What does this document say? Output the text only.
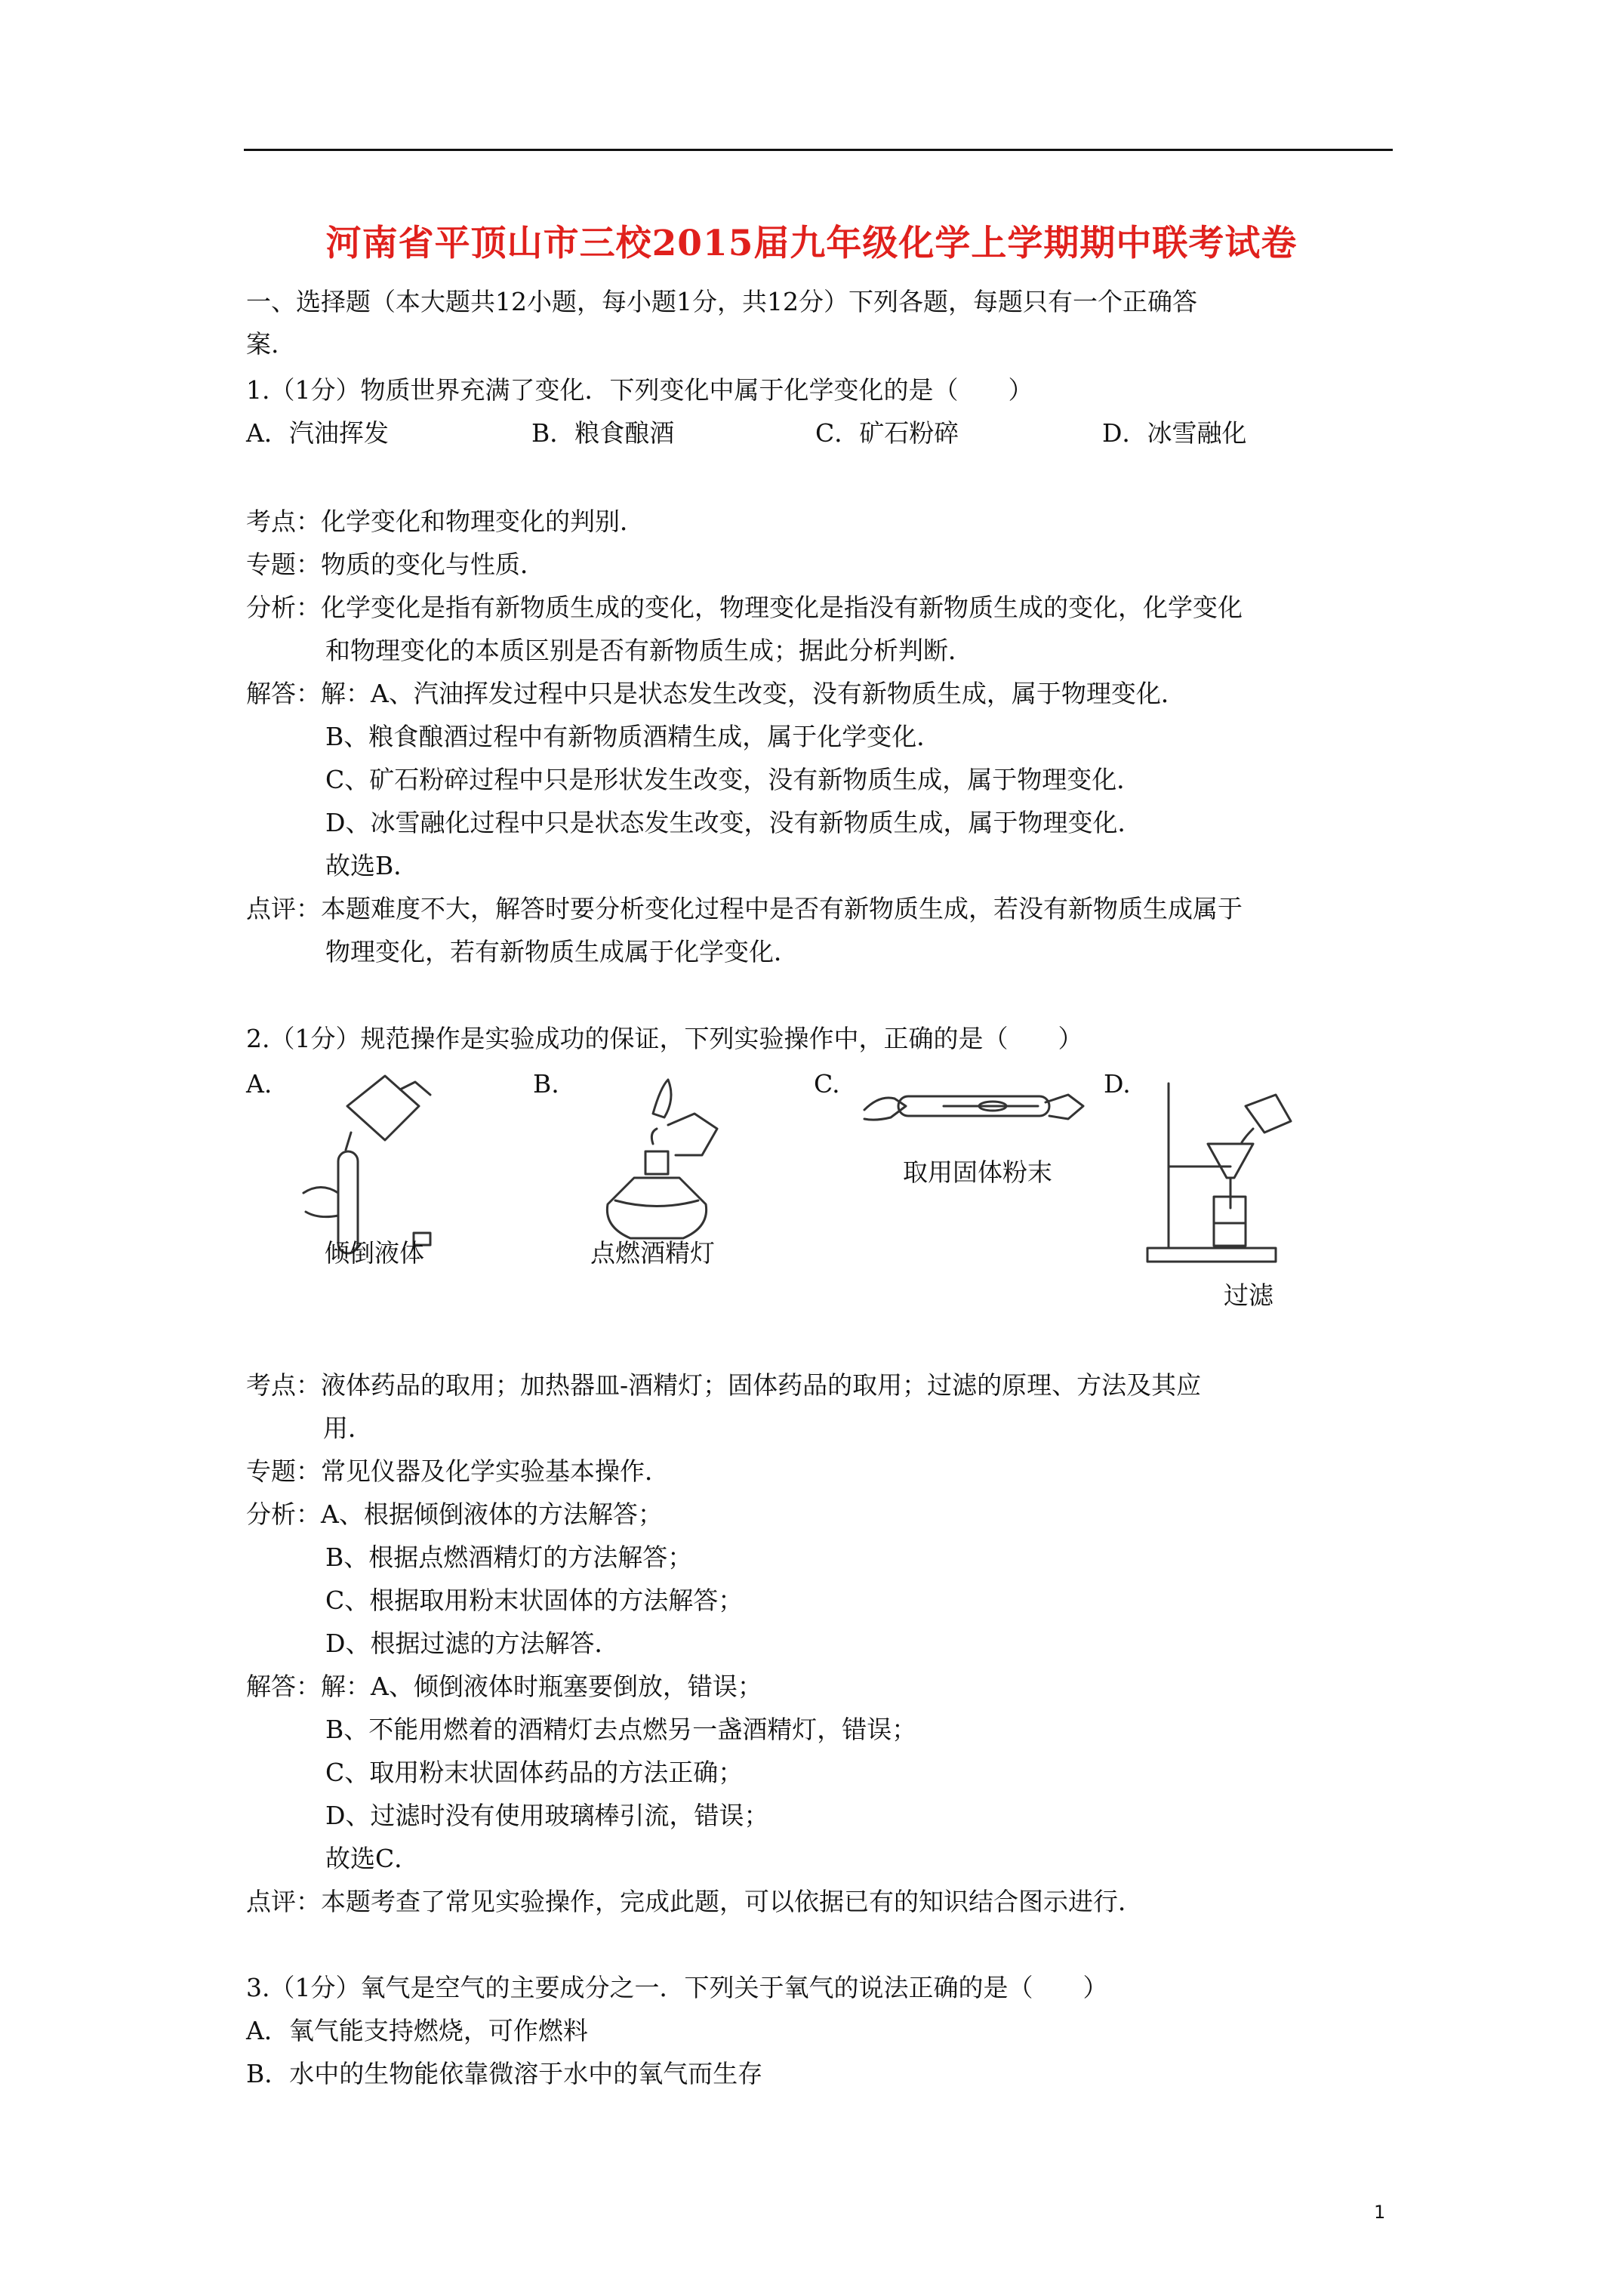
河南省平顶山市三校2015届九年级化学上学期期中联考试卷
一、选择题（本大题共12小题，每小题1分，共12分）下列各题，每题只有一个正确答
案.
1.（1分）物质世界充满了变化．下列变化中属于化学变化的是（　　）
A．汽油挥发	B．粮食酿酒	C．矿石粉碎	D．冰雪融化
考点：化学变化和物理变化的判别．
专题：物质的变化与性质．
分析：化学变化是指有新物质生成的变化，物理变化是指没有新物质生成的变化，化学变化
和物理变化的本质区别是否有新物质生成；据此分析判断．
解答：解：A、汽油挥发过程中只是状态发生改变，没有新物质生成，属于物理变化．
B、粮食酿酒过程中有新物质酒精生成，属于化学变化．
C、矿石粉碎过程中只是形状发生改变，没有新物质生成，属于物理变化．
D、冰雪融化过程中只是状态发生改变，没有新物质生成，属于物理变化．
故选B．
点评：本题难度不大，解答时要分析变化过程中是否有新物质生成，若没有新物质生成属于
物理变化，若有新物质生成属于化学变化．
2.（1分）规范操作是实验成功的保证，下列实验操作中，正确的是（　　）
A.	B.	C.	D.
倾倒液体	点燃酒精灯
取用固体粉末
过滤
考点：液体药品的取用；加热器皿-酒精灯；固体药品的取用；过滤的原理、方法及其应
用．
专题：常见仪器及化学实验基本操作．
分析：A、根据倾倒液体的方法解答；
B、根据点燃酒精灯的方法解答；
C、根据取用粉末状固体的方法解答；
D、根据过滤的方法解答．
解答：解：A、倾倒液体时瓶塞要倒放，错误；
B、不能用燃着的酒精灯去点燃另一盏酒精灯，错误；
C、取用粉末状固体药品的方法正确；
D、过滤时没有使用玻璃棒引流，错误；
故选C．
点评：本题考查了常见实验操作，完成此题，可以依据已有的知识结合图示进行．
3.（1分）氧气是空气的主要成分之一．下列关于氧气的说法正确的是（　　）
A．氧气能支持燃烧，可作燃料
B．水中的生物能依靠微溶于水中的氧气而生存
1
